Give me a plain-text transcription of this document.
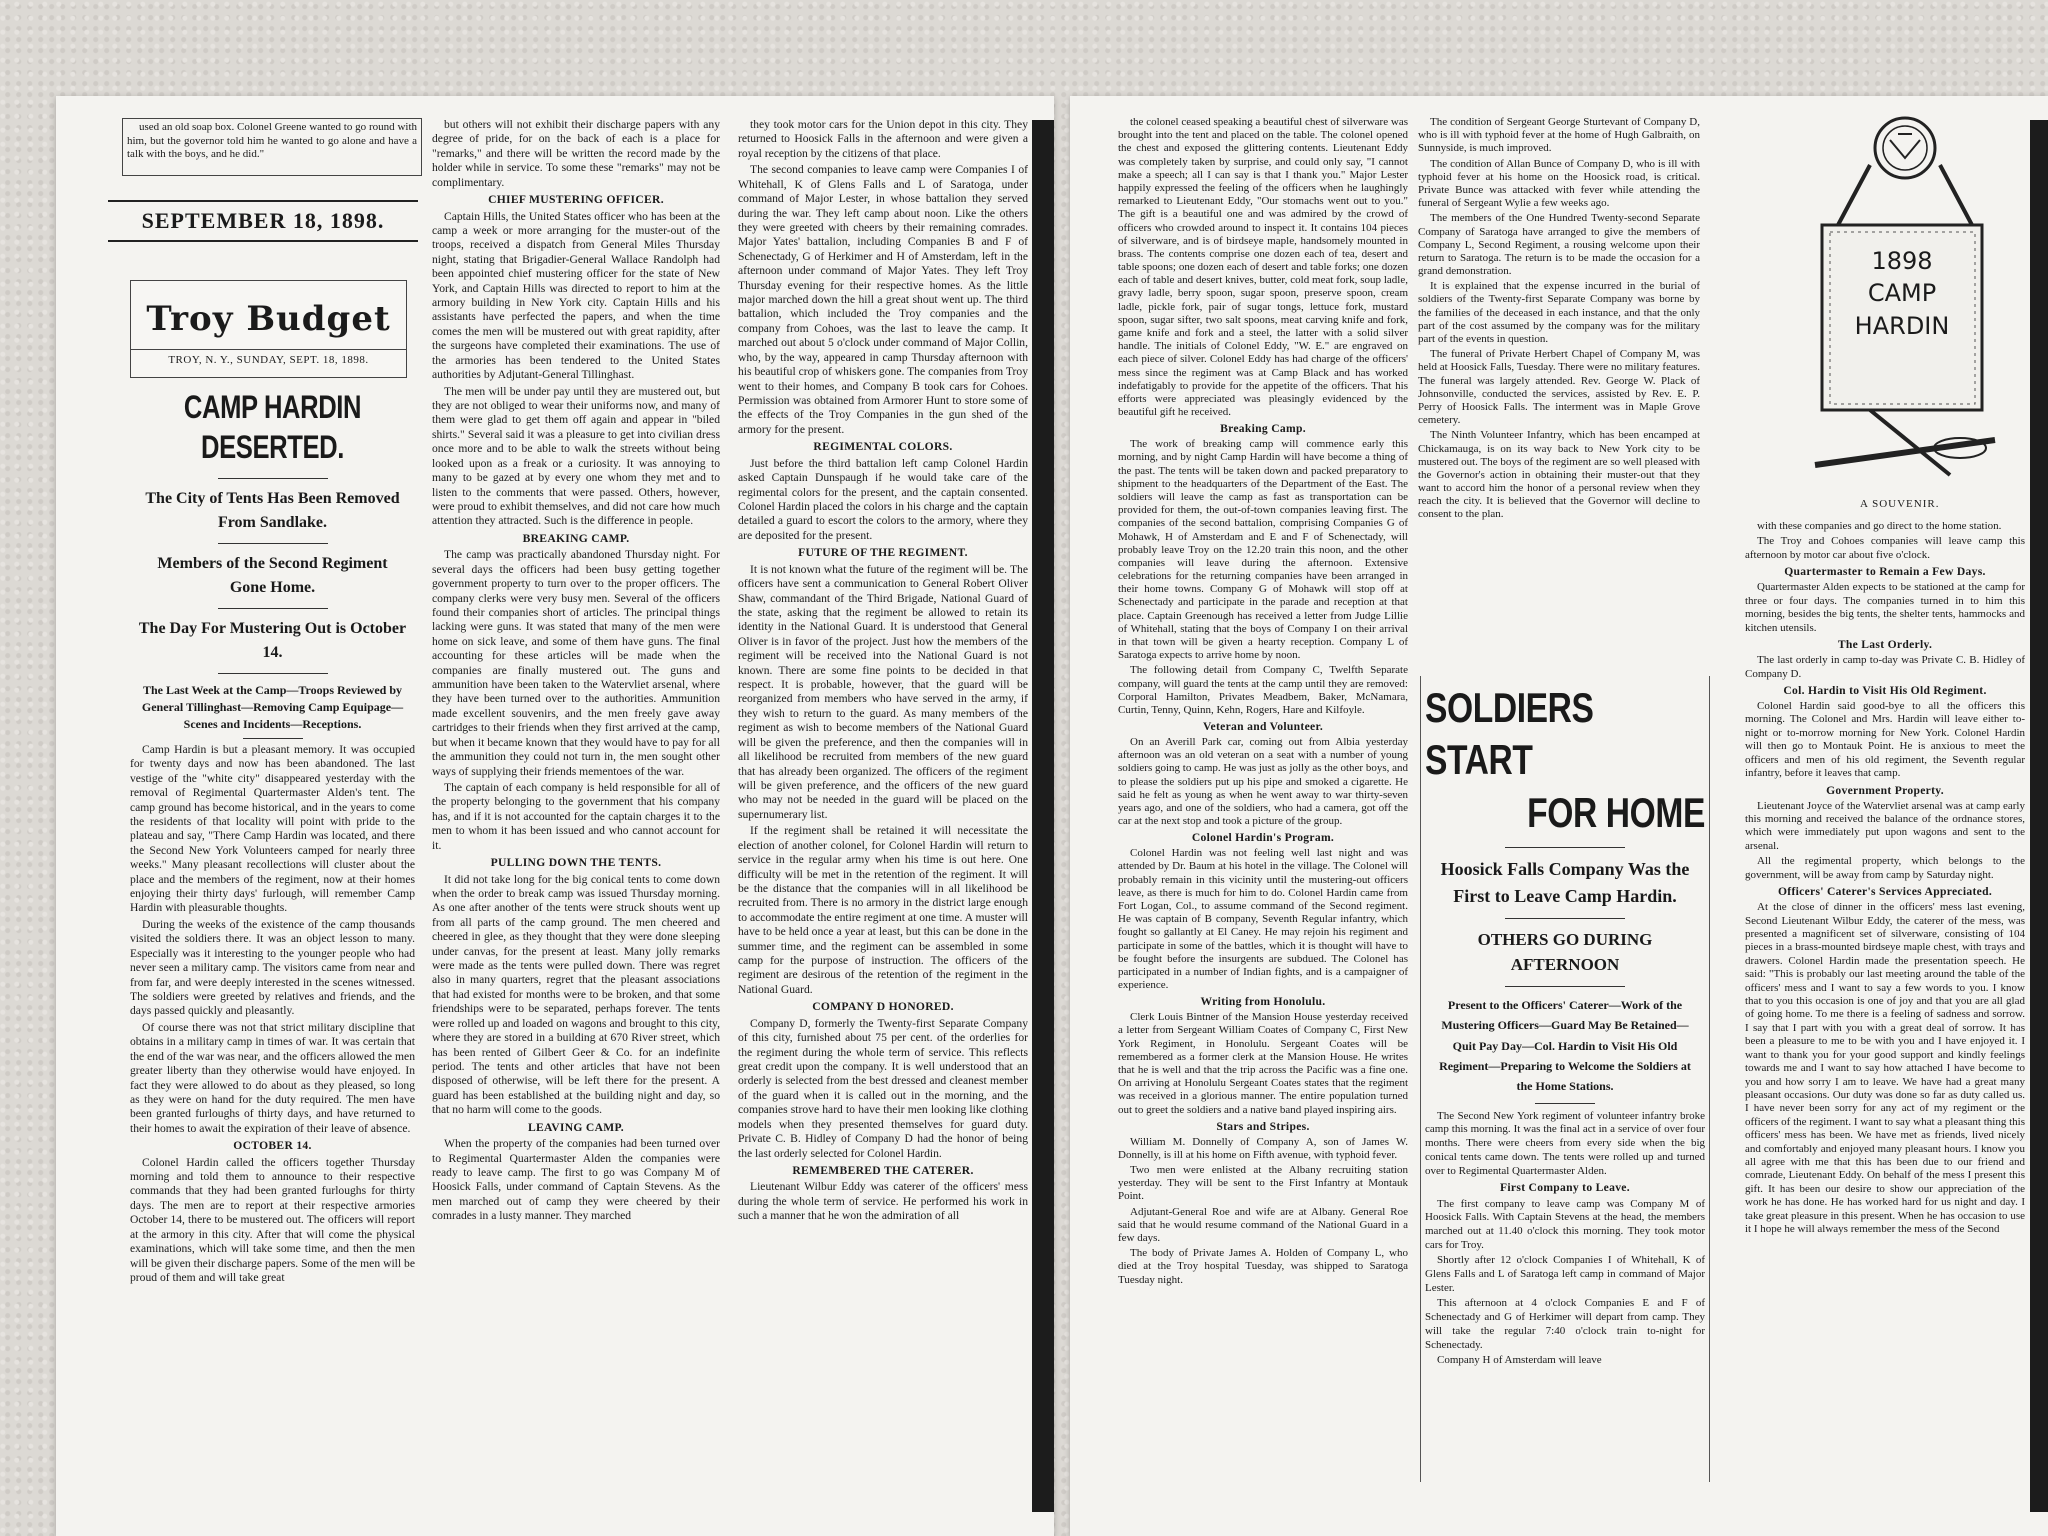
used an old soap box. Colonel Greene wanted to go round with him, but the governor told him he wanted to go alone and have a talk with the boys, and he did."

SEPTEMBER 18, 1898.
Troy Budget
TROY, N. Y., SUNDAY, SEPT. 18, 1898.
CAMP HARDIN DESERTED.
The City of Tents Has Been Removed From Sandlake.
Members of the Second Regiment Gone Home.
The Day For Mustering Out is October 14.
The Last Week at the Camp—Troops Reviewed by General Tillinghast—Removing Camp Equipage—Scenes and Incidents—Receptions.

Camp Hardin is but a pleasant memory. It was occupied for twenty days and now has been abandoned. The last vestige of the "white city" disappeared yesterday with the removal of Regimental Quartermaster Alden's tent. The camp ground has become historical, and in the years to come the residents of that locality will point with pride to the plateau and say, "There Camp Hardin was located, and there the Second New York Volunteers camped for nearly three weeks." Many pleasant recollections will cluster about the place and the members of the regiment, now at their homes enjoying their thirty days' furlough, will remember Camp Hardin with pleasurable thoughts.

During the weeks of the existence of the camp thousands visited the soldiers there. It was an object lesson to many. Especially was it interesting to the younger people who had never seen a military camp. The visitors came from near and from far, and were deeply interested in the scenes witnessed. The soldiers were greeted by relatives and friends, and the days passed quickly and pleasantly.

Of course there was not that strict military discipline that obtains in a military camp in times of war. It was certain that the end of the war was near, and the officers allowed the men greater liberty than they otherwise would have enjoyed. In fact they were allowed to do about as they pleased, so long as they were on hand for the duty required. The men have been granted furloughs of thirty days, and have returned to their homes to await the expiration of their leave of absence.

OCTOBER 14.

Colonel Hardin called the officers together Thursday morning and told them to announce to their respective commands that they had been granted furloughs for thirty days. The men are to report at their respective armories October 14, there to be mustered out. The officers will report at the armory in this city. After that will come the physical examinations, which will take some time, and then the men will be given their discharge papers. Some of the men will be proud of them and will take great

but others will not exhibit their discharge papers with any degree of pride, for on the back of each is a place for "remarks," and there will be written the record made by the holder while in service. To some these "remarks" may not be complimentary.

CHIEF MUSTERING OFFICER.

Captain Hills, the United States officer who has been at the camp a week or more arranging for the muster-out of the troops, received a dispatch from General Miles Thursday night, stating that Brigadier-General Wallace Randolph had been appointed chief mustering officer for the state of New York, and Captain Hills was directed to report to him at the armory building in New York city. Captain Hills and his assistants have perfected the papers, and when the time comes the men will be mustered out with great rapidity, after the surgeons have completed their examinations. The use of the armories has been tendered to the United States authorities by Adjutant-General Tillinghast.

The men will be under pay until they are mustered out, but they are not obliged to wear their uniforms now, and many of them were glad to get them off again and appear in "biled shirts." Several said it was a pleasure to get into civilian dress once more and to be able to walk the streets without being looked upon as a freak or a curiosity. It was annoying to many to be gazed at by every one whom they met and to listen to the comments that were passed. Others, however, were proud to exhibit themselves, and did not care how much attention they attracted. Such is the difference in people.

BREAKING CAMP.

The camp was practically abandoned Thursday night. For several days the officers had been busy getting together government property to turn over to the proper officers. The company clerks were very busy men. Several of the officers found their companies short of articles. The principal things lacking were guns. It was stated that many of the men were home on sick leave, and some of them have guns. The final accounting for these articles will be made when the companies are finally mustered out. The guns and ammunition have been taken to the Watervliet arsenal, where they have been turned over to the authorities. Ammunition made excellent souvenirs, and the men freely gave away cartridges to their friends when they first arrived at the camp, but when it became known that they would have to pay for all the ammunition they could not turn in, the men sought other ways of supplying their friends mementoes of the war.

The captain of each company is held responsible for all of the property belonging to the government that his company has, and if it is not accounted for the captain charges it to the men to whom it has been issued and who cannot account for it.

PULLING DOWN THE TENTS.

It did not take long for the big conical tents to come down when the order to break camp was issued Thursday morning. As one after another of the tents were struck shouts went up from all parts of the camp ground. The men cheered and cheered in glee, as they thought that they were done sleeping under canvas, for the present at least. Many jolly remarks were made as the tents were pulled down. There was regret also in many quarters, regret that the pleasant associations that had existed for months were to be broken, and that some friendships were to be separated, perhaps forever. The tents were rolled up and loaded on wagons and brought to this city, where they are stored in a building at 670 River street, which has been rented of Gilbert Geer & Co. for an indefinite period. The tents and other articles that have not been disposed of otherwise, will be left there for the present. A guard has been established at the building night and day, so that no harm will come to the goods.

LEAVING CAMP.

When the property of the companies had been turned over to Regimental Quartermaster Alden the companies were ready to leave camp. The first to go was Company M of Hoosick Falls, under command of Captain Stevens. As the men marched out of camp they were cheered by their comrades in a lusty manner. They marched

they took motor cars for the Union depot in this city. They returned to Hoosick Falls in the afternoon and were given a royal reception by the citizens of that place.

The second companies to leave camp were Companies I of Whitehall, K of Glens Falls and L of Saratoga, under command of Major Lester, in whose battalion they served during the war. They left camp about noon. Like the others they were greeted with cheers by their remaining comrades. Major Yates' battalion, including Companies B and F of Schenectady, G of Herkimer and H of Amsterdam, left in the afternoon under command of Major Yates. They left Troy Thursday evening for their respective homes. As the little major marched down the hill a great shout went up. The third battalion, which included the Troy companies and the company from Cohoes, was the last to leave the camp. It marched out about 5 o'clock under command of Major Collin, who, by the way, appeared in camp Thursday afternoon with his beautiful crop of whiskers gone. The companies from Troy went to their homes, and Company B took cars for Cohoes. Permission was obtained from Armorer Hunt to store some of the effects of the Troy Companies in the gun shed of the armory for the present.

REGIMENTAL COLORS.

Just before the third battalion left camp Colonel Hardin asked Captain Dunspaugh if he would take care of the regimental colors for the present, and the captain consented. Colonel Hardin placed the colors in his charge and the captain detailed a guard to escort the colors to the armory, where they are deposited for the present.

FUTURE OF THE REGIMENT.

It is not known what the future of the regiment will be. The officers have sent a communication to General Robert Oliver Shaw, commandant of the Third Brigade, National Guard of the state, asking that the regiment be allowed to retain its identity in the National Guard. It is understood that General Oliver is in favor of the project. Just how the members of the regiment will be received into the National Guard is not known. There are some fine points to be decided in that respect. It is probable, however, that the guard will be reorganized from members who have served in the army, if they wish to return to the guard. As many members of the regiment as wish to become members of the National Guard will be given the preference, and then the companies will in all likelihood be recruited from members of the new guard that has already been organized. The officers of the regiment will be given preference, and the officers of the new guard who may not be needed in the guard will be placed on the supernumerary list.

If the regiment shall be retained it will necessitate the election of another colonel, for Colonel Hardin will return to service in the regular army when his time is out here. One difficulty will be met in the retention of the regiment. It will be the distance that the companies will in all likelihood be recruited from. There is no armory in the district large enough to accommodate the entire regiment at one time. A muster will have to be held once a year at least, but this can be done in the summer time, and the regiment can be assembled in some camp for the purpose of instruction. The officers of the regiment are desirous of the retention of the regiment in the National Guard.

COMPANY D HONORED.

Company D, formerly the Twenty-first Separate Company of this city, furnished about 75 per cent. of the orderlies for the regiment during the whole term of service. This reflects great credit upon the company. It is well understood that an orderly is selected from the best dressed and cleanest member of the guard when it is called out in the morning, and the companies strove hard to have their men looking like clothing models when they presented themselves for guard duty. Private C. B. Hidley of Company D had the honor of being the last orderly selected for Colonel Hardin.

REMEMBERED THE CATERER.

Lieutenant Wilbur Eddy was caterer of the officers' mess during the whole term of service. He performed his work in such a manner that he won the admiration of all

the colonel ceased speaking a beautiful chest of silverware was brought into the tent and placed on the table. The colonel opened the chest and exposed the glittering contents. Lieutenant Eddy was completely taken by surprise, and could only say, "I cannot make a speech; all I can say is that I thank you." Major Lester happily expressed the feeling of the officers when he laughingly remarked to Lieutenant Eddy, "Our stomachs went out to you." The gift is a beautiful one and was admired by the crowd of officers who crowded around to inspect it. It contains 104 pieces of silverware, and is of birdseye maple, handsomely mounted in brass. The contents comprise one dozen each of tea, desert and table spoons; one dozen each of desert and table forks; one dozen each of table and desert knives, butter, cold meat fork, soup ladle, gravy ladle, berry spoon, sugar spoon, preserve spoon, cream ladle, pickle fork, pair of sugar tongs, lettuce fork, mustard spoon, sugar sifter, two salt spoons, meat carving knife and fork, game knife and fork and a steel, the latter with a solid silver handle. The initials of Colonel Eddy, "W. E." are engraved on each piece of silver. Colonel Eddy has had charge of the officers' mess since the regiment was at Camp Black and has worked indefatigably to provide for the appetite of the officers. That his efforts were appreciated was pleasingly evidenced by the beautiful gift he received.

Breaking Camp.

The work of breaking camp will commence early this morning, and by night Camp Hardin will have become a thing of the past. The tents will be taken down and packed preparatory to shipment to the headquarters of the Department of the East. The soldiers will leave the camp as fast as transportation can be provided for them, the out-of-town companies leaving first. The companies of the second battalion, comprising Companies G of Mohawk, H of Amsterdam and E and F of Schenectady, will probably leave Troy on the 12.20 train this noon, and the other companies will leave during the afternoon. Extensive celebrations for the returning companies have been arranged in their home towns. Company G of Mohawk will stop off at Schenectady and participate in the parade and reception at that place. Captain Greenough has received a letter from Judge Lillie of Whitehall, stating that the boys of Company I on their arrival in that town will be given a hearty reception. Company L of Saratoga expects to arrive home by noon.

The following detail from Company C, Twelfth Separate company, will guard the tents at the camp until they are removed: Corporal Hamilton, Privates Meadbem, Baker, McNamara, Curtin, Tenny, Quinn, Kehn, Rogers, Hare and Kilfoyle.

Veteran and Volunteer.

On an Averill Park car, coming out from Albia yesterday afternoon was an old veteran on a seat with a number of young soldiers going to camp. He was just as jolly as the other boys, and to please the soldiers put up his pipe and smoked a cigarette. He said he felt as young as when he went away to war thirty-seven years ago, and one of the soldiers, who had a camera, got off the car at the next stop and took a picture of the group.

Colonel Hardin's Program.

Colonel Hardin was not feeling well last night and was attended by Dr. Baum at his hotel in the village. The Colonel will probably remain in this vicinity until the mustering-out officers leave, as there is much for him to do. Colonel Hardin came from Fort Logan, Col., to assume command of the Second regiment. He was captain of B company, Seventh Regular infantry, which fought so gallantly at El Caney. He may rejoin his regiment and participate in some of the battles, which it is thought will have to be fought before the insurgents are subdued. The Colonel has participated in a number of Indian fights, and is a campaigner of experience.

Writing from Honolulu.

Clerk Louis Bintner of the Mansion House yesterday received a letter from Sergeant William Coates of Company C, First New York Regiment, in Honolulu. Sergeant Coates will be remembered as a former clerk at the Mansion House. He writes that he is well and that the trip across the Pacific was a fine one. On arriving at Honolulu Sergeant Coates states that the regiment was received in a glorious manner. The entire population turned out to greet the soldiers and a native band played inspiring airs.

Stars and Stripes.

William M. Donnelly of Company A, son of James W. Donnelly, is ill at his home on Fifth avenue, with typhoid fever.

Two men were enlisted at the Albany recruiting station yesterday. They will be sent to the First Infantry at Montauk Point.

Adjutant-General Roe and wife are at Albany. General Roe said that he would resume command of the National Guard in a few days.

The body of Private James A. Holden of Company L, who died at the Troy hospital Tuesday, was shipped to Saratoga Tuesday night.

The condition of Sergeant George Sturtevant of Company D, who is ill with typhoid fever at the home of Hugh Galbraith, on Sunnyside, is much improved.

The condition of Allan Bunce of Company D, who is ill with typhoid fever at his home on the Hoosick road, is critical. Private Bunce was attacked with fever while attending the funeral of Sergeant Wylie a few weeks ago.

The members of the One Hundred Twenty-second Separate Company of Saratoga have arranged to give the members of Company L, Second Regiment, a rousing welcome upon their return to Saratoga. The return is to be made the occasion for a grand demonstration.

It is explained that the expense incurred in the burial of soldiers of the Twenty-first Separate Company was borne by the families of the deceased in each instance, and that the only part of the cost assumed by the company was for the military part of the events in question.

The funeral of Private Herbert Chapel of Company M, was held at Hoosick Falls, Tuesday. There were no military features. The funeral was largely attended. Rev. George W. Plack of Johnsonville, conducted the services, assisted by Rev. E. P. Perry of Hoosick Falls. The interment was in Maple Grove cemetery.

The Ninth Volunteer Infantry, which has been encamped at Chickamauga, is on its way back to New York city to be mustered out. The boys of the regiment are so well pleased with the Governor's action in obtaining their muster-out that they want to accord him the honor of a personal review when they reach the city. It is believed that the Governor will decline to consent to the plan.

SOLDIERS START
FOR HOME
Hoosick Falls Company Was the First to Leave Camp Hardin.
OTHERS GO DURING AFTERNOON
Present to the Officers' Caterer—Work of the Mustering Officers—Guard May Be Retained—Quit Pay Day—Col. Hardin to Visit His Old Regiment—Preparing to Welcome the Soldiers at the Home Stations.

The Second New York regiment of volunteer infantry broke camp this morning. It was the final act in a service of over four months. There were cheers from every side when the big conical tents came down. The tents were rolled up and turned over to Regimental Quartermaster Alden.

First Company to Leave.

The first company to leave camp was Company M of Hoosick Falls. With Captain Stevens at the head, the members marched out at 11.40 o'clock this morning. They took motor cars for Troy.

Shortly after 12 o'clock Companies I of Whitehall, K of Glens Falls and L of Saratoga left camp in command of Major Lester.

This afternoon at 4 o'clock Companies E and F of Schenectady and G of Herkimer will depart from camp. They will take the regular 7:40 o'clock train to-night for Schenectady.

Company H of Amsterdam will leave

1898
CAMP
HARDIN
A SOUVENIR.

with these companies and go direct to the home station.

The Troy and Cohoes companies will leave camp this afternoon by motor car about five o'clock.

Quartermaster to Remain a Few Days.

Quartermaster Alden expects to be stationed at the camp for three or four days. The companies turned in to him this morning, besides the big tents, the shelter tents, hammocks and kitchen utensils.

The Last Orderly.

The last orderly in camp to-day was Private C. B. Hidley of Company D.

Col. Hardin to Visit His Old Regiment.

Colonel Hardin said good-bye to all the officers this morning. The Colonel and Mrs. Hardin will leave either to-night or to-morrow morning for New York. Colonel Hardin will then go to Montauk Point. He is anxious to meet the officers and men of his old regiment, the Seventh regular infantry, before it leaves that camp.

Government Property.

Lieutenant Joyce of the Watervliet arsenal was at camp early this morning and received the balance of the ordnance stores, which were immediately put upon wagons and sent to the arsenal.

All the regimental property, which belongs to the government, will be away from camp by Saturday night.

Officers' Caterer's Services Appreciated.

At the close of dinner in the officers' mess last evening, Second Lieutenant Wilbur Eddy, the caterer of the mess, was presented a magnificent set of silverware, consisting of 104 pieces in a brass-mounted birdseye maple chest, with trays and drawers. Colonel Hardin made the presentation speech. He said: "This is probably our last meeting around the table of the officers' mess and I want to say a few words to you. I know that to you this occasion is one of joy and that you are all glad of going home. To me there is a feeling of sadness and sorrow. I say that I part with you with a great deal of sorrow. It has been a pleasure to me to be with you and I have enjoyed it. I want to thank you for your good support and kindly feelings towards me and I want to say how attached I have become to you and how sorry I am to leave. We have had a great many pleasant occasions. Our duty was done so far as duty called us. I have never been sorry for any act of my regiment or the officers of the regiment. I want to say what a pleasant thing this officers' mess has been. We have met as friends, lived nicely and comfortably and enjoyed many pleasant hours. I know you all agree with me that this has been due to our friend and comrade, Lieutenant Eddy. On behalf of the mess I present this gift. It has been our desire to show our appreciation of the work he has done. He has worked hard for us night and day. I take great pleasure in this present. When he has occasion to use it I hope he will always remember the mess of the Second
